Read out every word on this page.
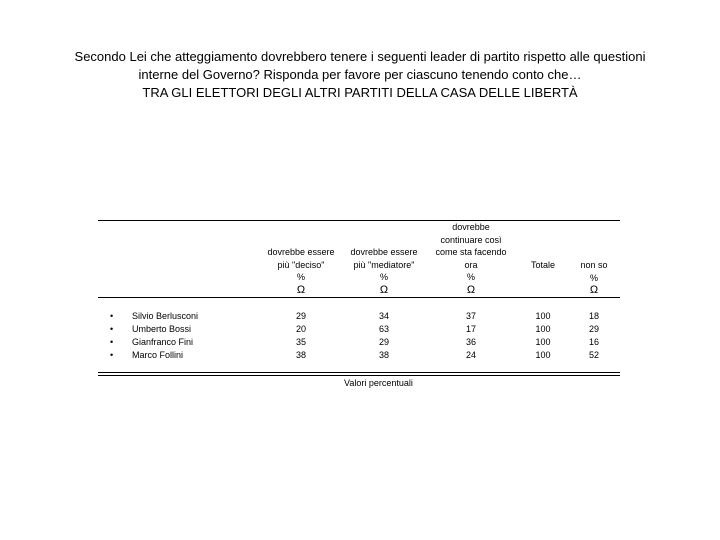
Secondo Lei che atteggiamento dovrebbero tenere i seguenti leader di partito rispetto alle questioni
interne del Governo? Risponda per favore per ciascuno tenendo conto che…
TRA GLI ELETTORI DEGLI ALTRI PARTITI DELLA CASA DELLE LIBERTÀ
dovrebbe essere
più "deciso"
%
Ω
dovrebbe essere
più "mediatore"
%
Ω
dovrebbe
continuare così
come sta facendo
ora
%
Ω
Totale	non so
%
Ω
• Silvio Berlusconi	29	34	37	100	18
• Umberto Bossi	20	63	17	100	29
• Gianfranco Fini	35	29	36	100	16
• Marco Follini	38	38	24	100	52
Valori percentuali
